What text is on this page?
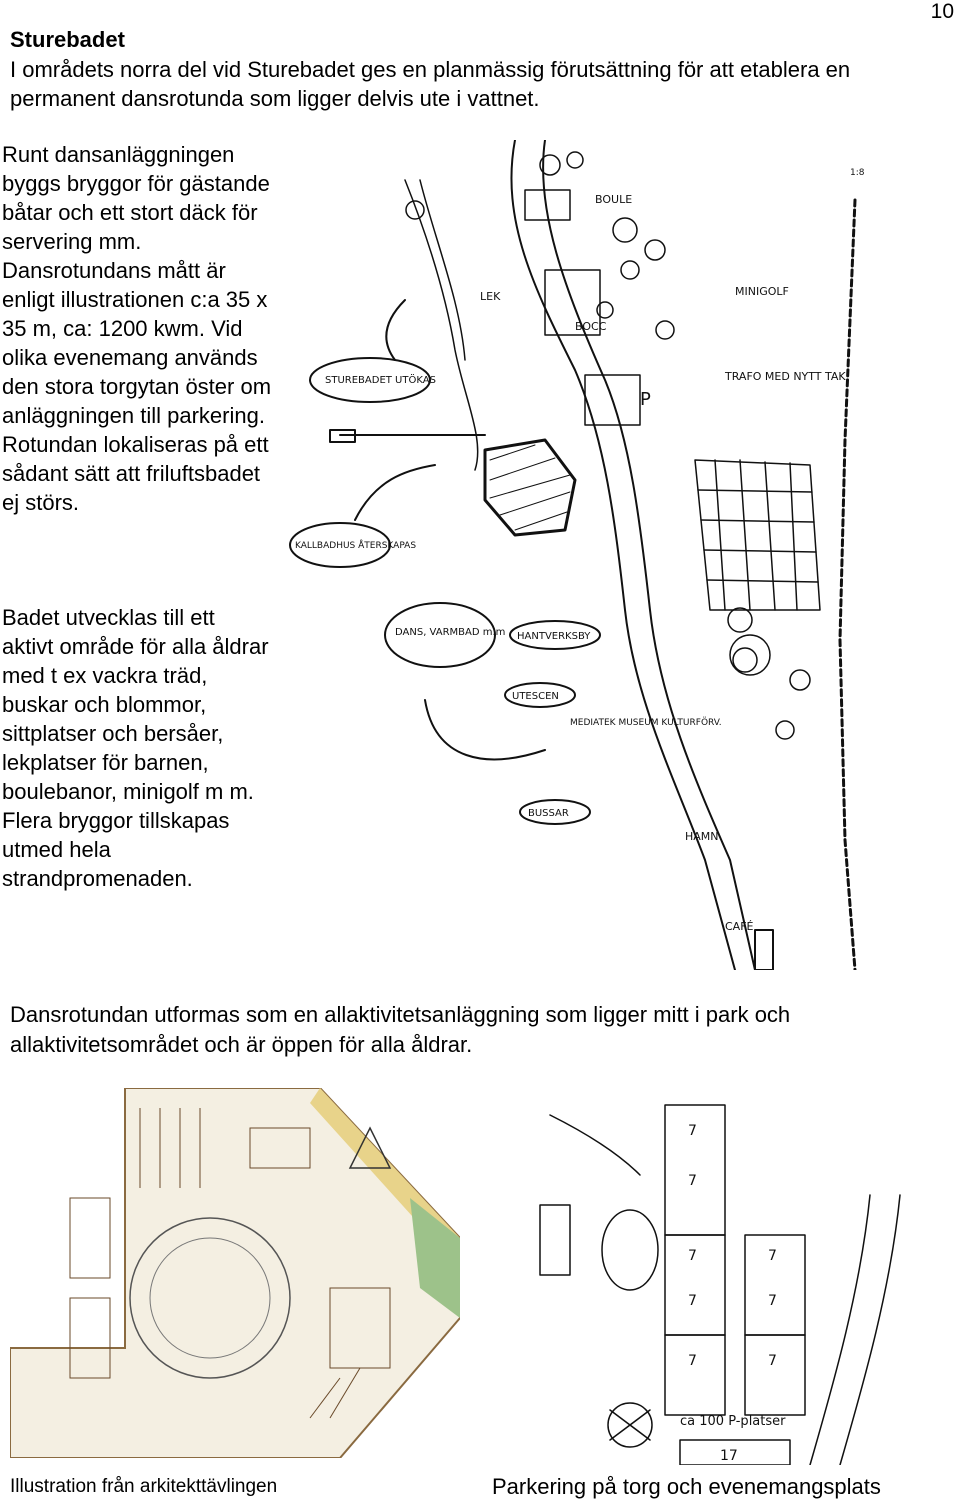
10
Sturebadet
I områdets norra del vid Sturebadet ges en planmässig förutsättning för att etablera en permanent dansrotunda som ligger delvis ute i vattnet.
Runt dansanläggningen byggs bryggor för gästande båtar och ett stort däck för servering mm. Dansrotundans mått är enligt illustrationen c:a 35 x 35 m, ca: 1200 kwm. Vid olika evenemang används den stora torgytan öster om anläggningen till parkering. Rotundan lokaliseras på ett sådant sätt att friluftsbadet ej störs.
Badet utvecklas till ett aktivt område för alla åldrar med t ex vackra träd, buskar och blommor, sittplatser och bersåer, lekplatser för barnen, boulebanor, minigolf m m. Flera bryggor tillskapas utmed hela strandpromenaden.
BOULE
LEK	MINIGOLF
BOCC
P
TRAFO MED NYTT TAK
STUREBADET UTÖKAS
KALLBADHUS ÅTERSKAPAS
DANS, VARMBAD m.m HANTVERKSBY
UTESCEN
MEDIATEK MUSEUM KULTURFÖRV.
BUSSAR
HAMN
CAFÉ
1:8
Dansrotundan utformas som en allaktivitetsanläggning som ligger mitt i park och allaktivitetsområdet och är öppen för alla åldrar.
7
7
7
7
7
7
7	7
17
ca 100 P-platser
Illustration från arkitekttävlingen	Parkering på torg och evenemangsplats
